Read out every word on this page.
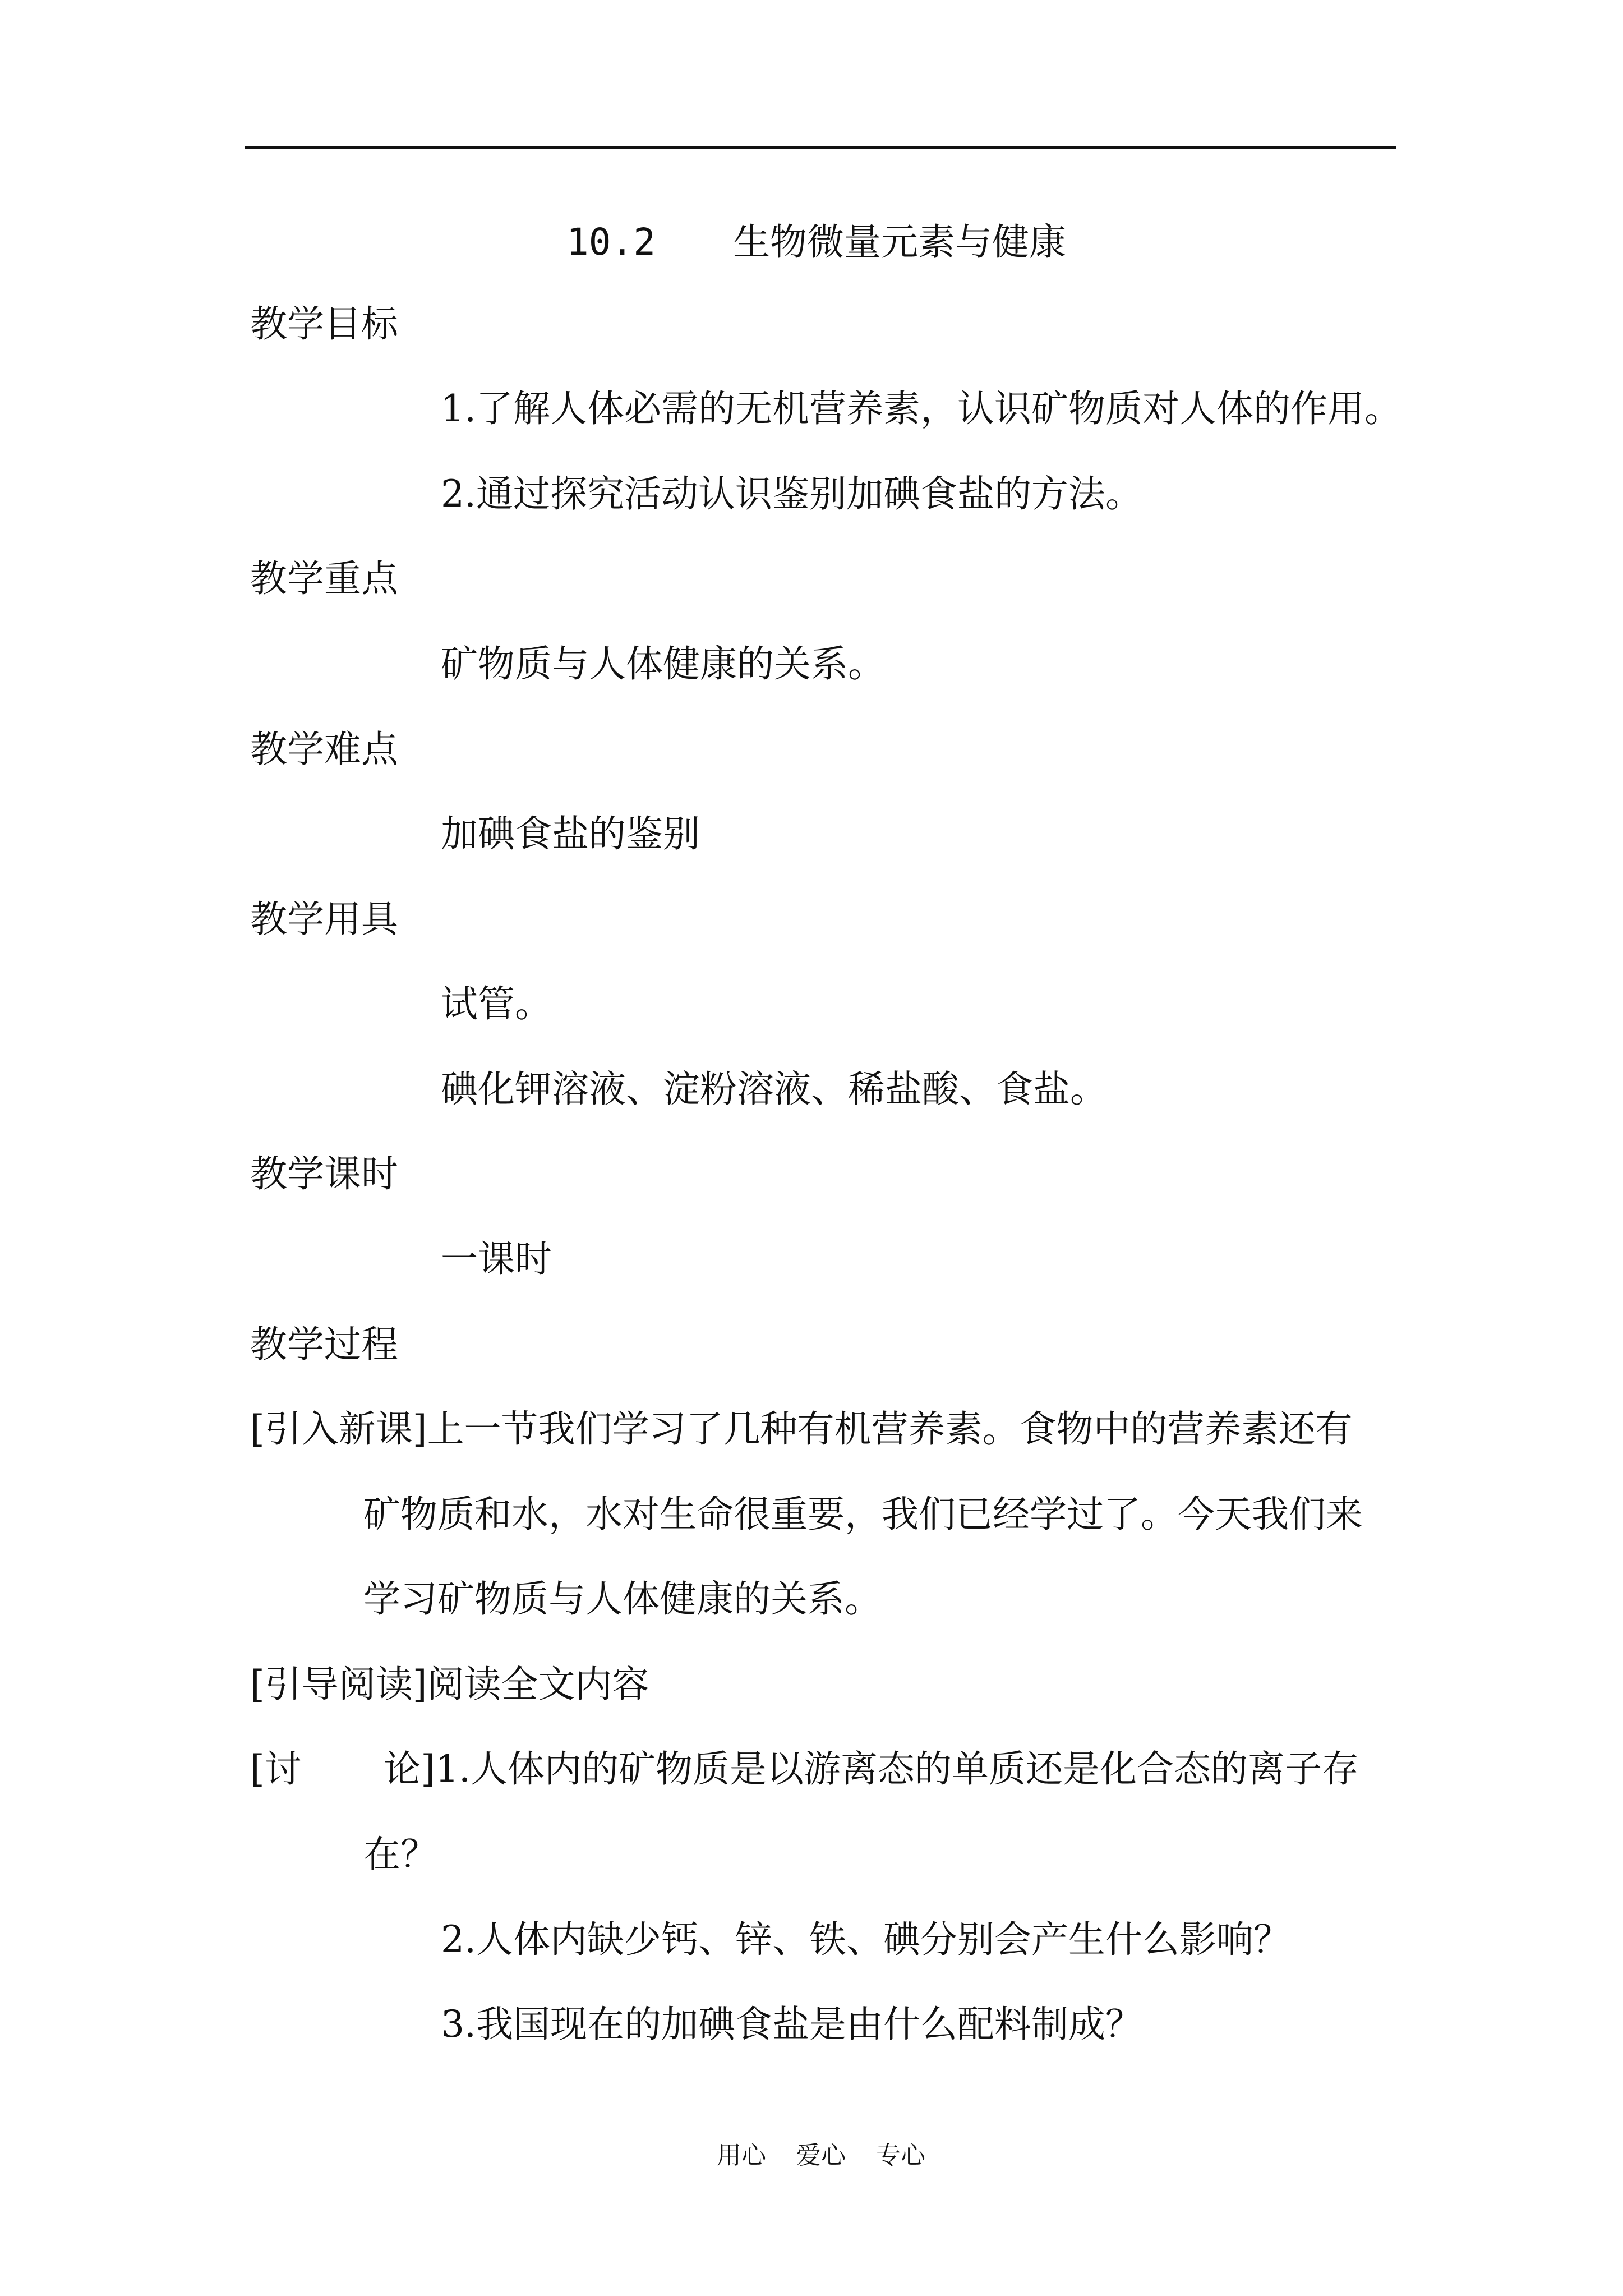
10.2 生物微量元素与健康
教学目标
1.了解人体必需的无机营养素，认识矿物质对人体的作用。
2.通过探究活动认识鉴别加碘食盐的方法。
教学重点
矿物质与人体健康的关系。
教学难点
加碘食盐的鉴别
教学用具
试管。
碘化钾溶液、淀粉溶液、稀盐酸、食盐。
教学课时
一课时
教学过程
[引入新课]上一节我们学习了几种有机营养素。食物中的营养素还有
矿物质和水，水对生命很重要，我们已经学过了。今天我们来
学习矿物质与人体健康的关系。
[引导阅读]阅读全文内容

[讨 论] 1.人体内的矿物质是以游离态的单质还是化合态的离子存
在？
2.人体内缺少钙、锌、铁、碘分别会产生什么影响？
3.我国现在的加碘食盐是由什么配料制成？
用心 爱心 专心
